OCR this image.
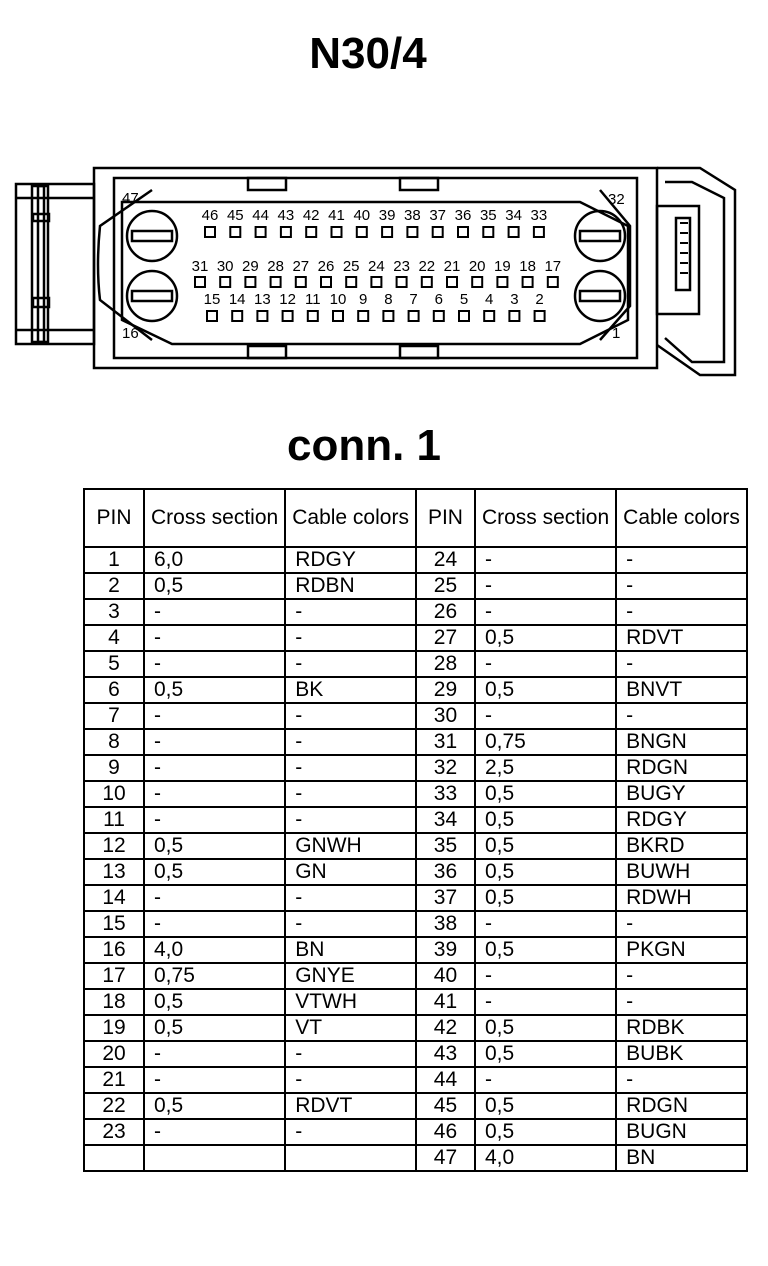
N30/4
47	32
16	1
46 45 44 43 42 41 40 39 38 37 36 35 34 33
31 30 29 28 27 26 25 24 23 22 21 20 19 18 17
15 14 13 12 11 10 9 8 7 6 5 4 3 2
conn. 1
PIN	Cross section	Cable colors	PIN	Cross section	Cable colors
1	6,0	RDGY	24	-	-
2	0,5	RDBN	25	-	-
3	-	-	26	-	-
4	-	-	27	0,5	RDVT
5	-	-	28	-	-
6	0,5	BK	29	0,5	BNVT
7	-	-	30	-	-
8	-	-	31	0,75	BNGN
9	-	-	32	2,5	RDGN
10	-	-	33	0,5	BUGY
11	-	-	34	0,5	RDGY
12	0,5	GNWH	35	0,5	BKRD
13	0,5	GN	36	0,5	BUWH
14	-	-	37	0,5	RDWH
15	-	-	38	-	-
16	4,0	BN	39	0,5	PKGN
17	0,75	GNYE	40	-	-
18	0,5	VTWH	41	-	-
19	0,5	VT	42	0,5	RDBK
20	-	-	43	0,5	BUBK
21	-	-	44	-	-
22	0,5	RDVT	45	0,5	RDGN
23	-	-	46	0,5	BUGN
			47	4,0	BN
